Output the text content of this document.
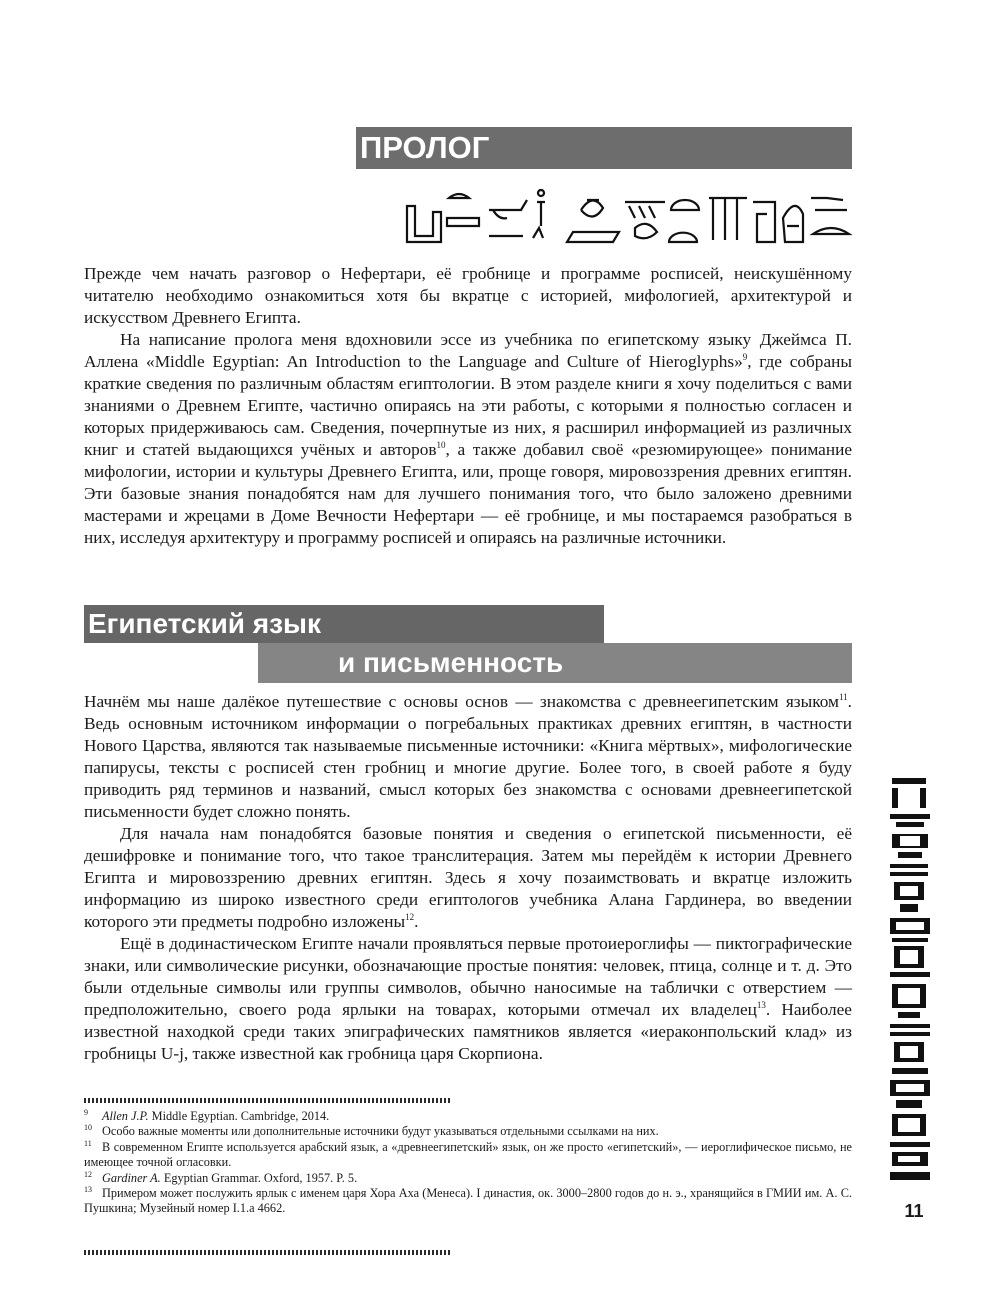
ПРОЛОГ

Прежде чем начать разговор о Нефертари, её гробнице и программе росписей, неискушённому читателю необходимо ознакомиться хотя бы вкратце с историей, мифологией, архитектурой и искусством Древнего Египта.

На написание пролога меня вдохновили эссе из учебника по египетскому языку Джеймса П. Аллена «Middle Egyptian: An Introduction to the Language and Culture of Hieroglyphs»$^9$, где собраны краткие сведения по различным областям египтологии. В этом разделе книги я хочу поделиться с вами знаниями о Древнем Египте, частично опираясь на эти работы, с которыми я полностью согласен и которых придерживаюсь сам. Сведения, почерпнутые из них, я расширил информацией из различных книг и статей выдающихся учёных и авторов$^{10}$, а также добавил своё «резюмирующее» понимание мифологии, истории и культуры Древнего Египта, или, проще говоря, мировоззрения древних египтян. Эти базовые знания понадобятся нам для лучшего понимания того, что было заложено древними мастерами и жрецами в Доме Вечности Нефертари — её гробнице, и мы постараемся разобраться в них, исследуя архитектуру и программу росписей и опираясь на различные источники.

Египетский язык
и письменность

Начнём мы наше далёкое путешествие с основы основ — знакомства с древнеегипетским языком$^{11}$. Ведь основным источником информации о погребальных практиках древних египтян, в частности Нового Царства, являются так называемые письменные источники: «Книга мёртвых», мифологические папирусы, тексты с росписей стен гробниц и многие другие. Более того, в своей работе я буду приводить ряд терминов и названий, смысл которых без знакомства с основами древнеегипетской письменности будет сложно понять.

Для начала нам понадобятся базовые понятия и сведения о египетской письменности, её дешифровке и понимание того, что такое транслитерация. Затем мы перейдём к истории Древнего Египта и мировоззрению древних египтян. Здесь я хочу позаимствовать и вкратце изложить информацию из широко известного среди египтологов учебника Алана Гардинера, во введении которого эти предметы подробно изложены$^{12}$.

Ещё в додинастическом Египте начали проявляться первые протоиероглифы — пиктографические знаки, или символические рисунки, обозначающие простые понятия: человек, птица, солнце и т. д. Это были отдельные символы или группы символов, обычно наносимые на таблички с отверстием — предположительно, своего рода ярлыки на товарах, которыми отмечал их владелец$^{13}$. Наиболее известной находкой среди таких эпиграфических памятников является «иераконпольский клад» из гробницы U-j, также известной как гробница царя Скорпиона.

9 Allen J.P. Middle Egyptian. Cambridge, 2014.
10 Особо важные моменты или дополнительные источники будут указываться отдельными ссылками на них.
11 В современном Египте используется арабский язык, а «древнеегипетский» язык, он же просто «египетский», — иероглифическое письмо, не имеющее точной огласовки.
12 Gardiner A. Egyptian Grammar. Oxford, 1957. P. 5.
13 Примером может послужить ярлык с именем царя Хора Аха (Менеса). I династия, ок. 3000–2800 годов до н. э., хранящийся в ГМИИ им. А. С. Пушкина; Музейный номер I.1.а 4662.	11
